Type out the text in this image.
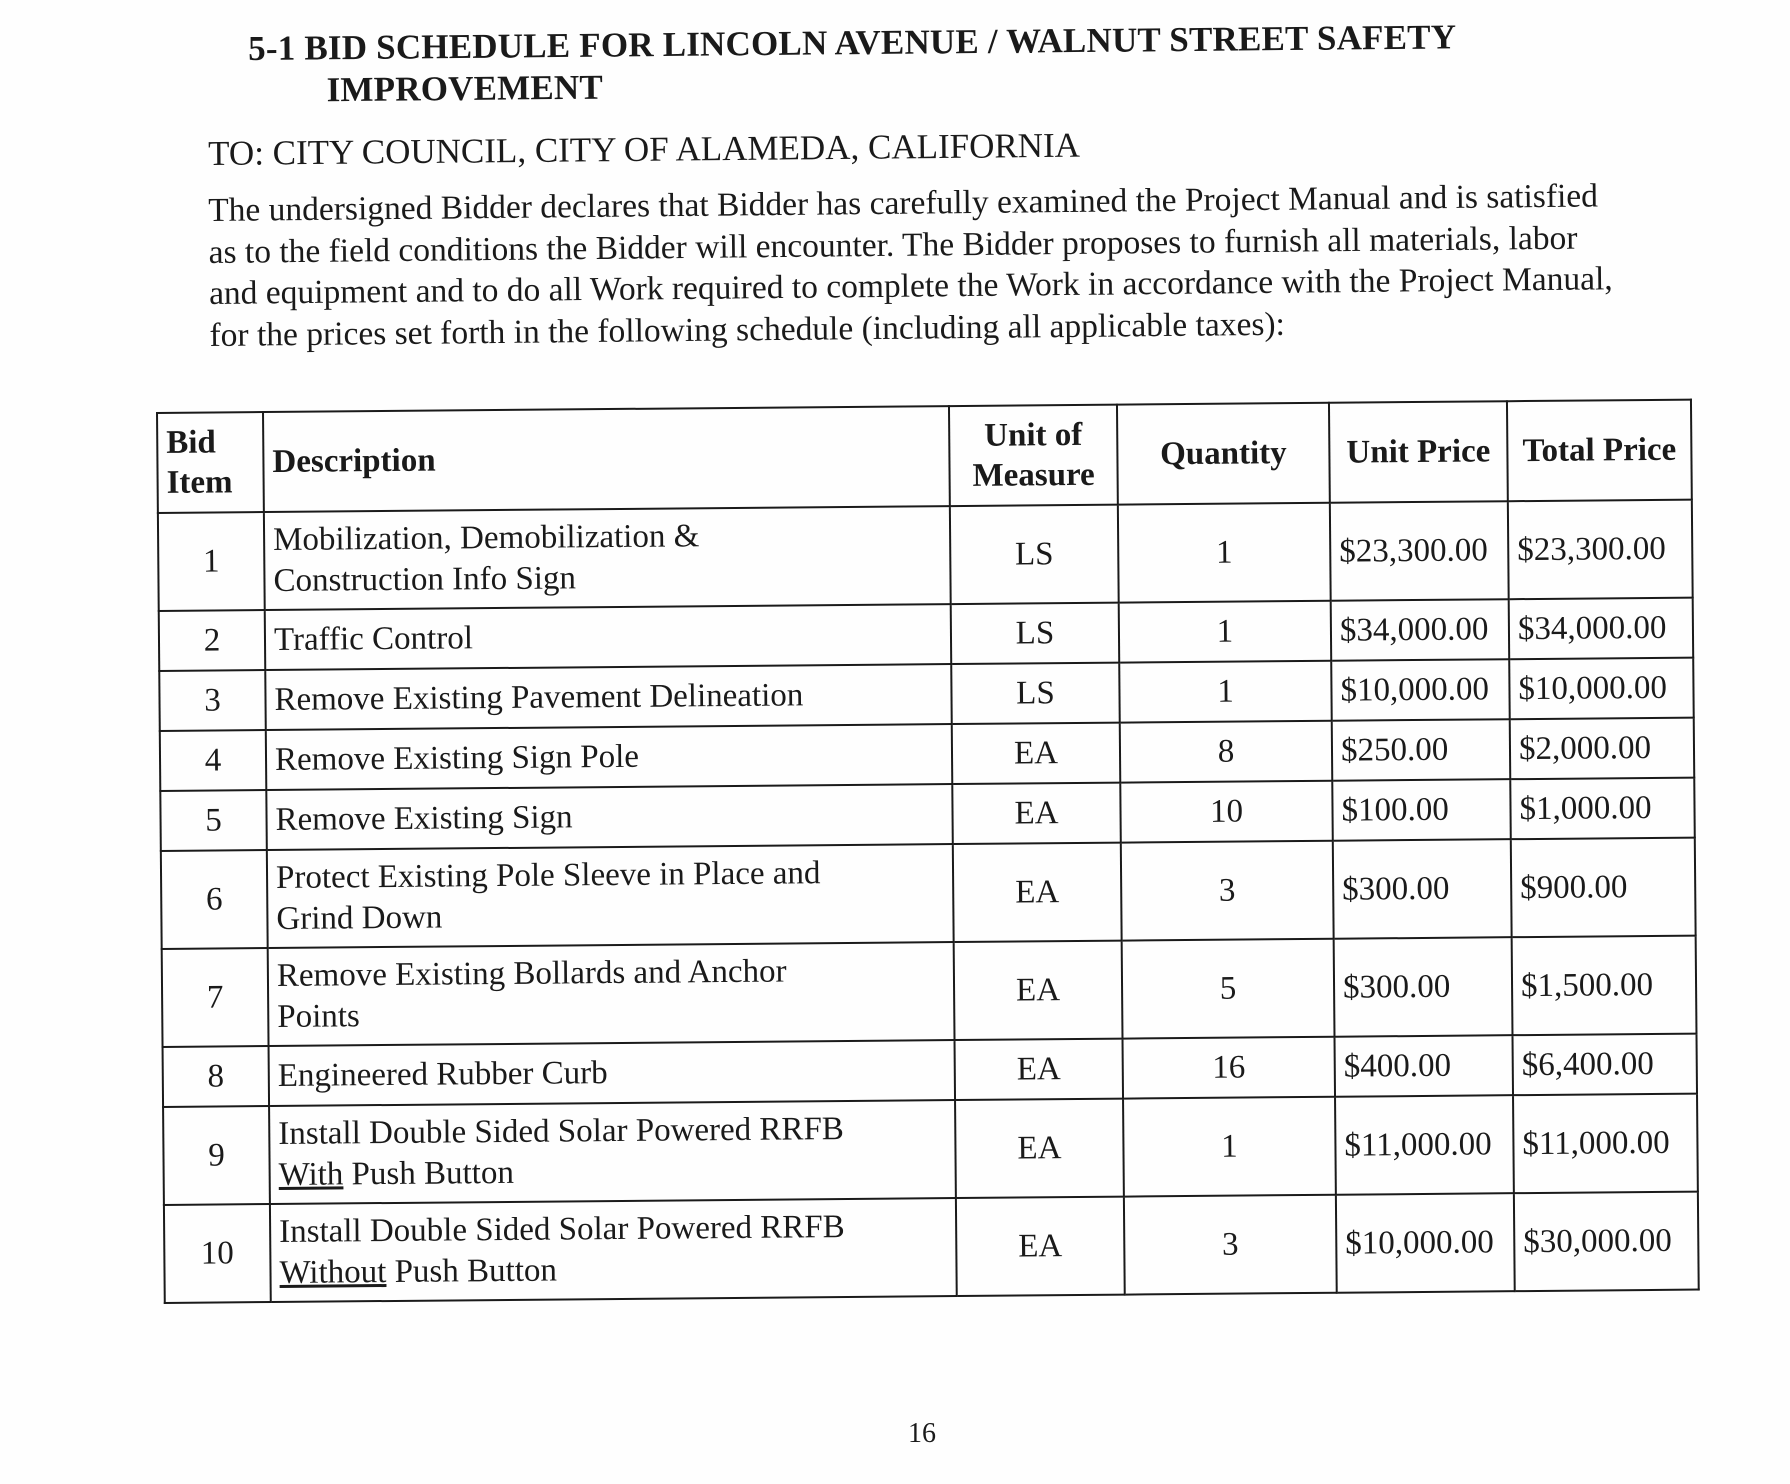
5-1 BID SCHEDULE FOR LINCOLN AVENUE / WALNUT STREET SAFETY
IMPROVEMENT
TO: CITY COUNCIL, CITY OF ALAMEDA, CALIFORNIA
The undersigned Bidder declares that Bidder has carefully examined the Project Manual and is satisfied as to the field conditions the Bidder will encounter. The Bidder proposes to furnish all materials, labor and equipment and to do all Work required to complete the Work in accordance with the Project Manual, for the prices set forth in the following schedule (including all applicable taxes):
Bid Item	Description	Unit of Measure	Quantity	Unit Price	Total Price
1	Mobilization, Demobilization &
Construction Info Sign	LS	1	$23,300.00	$23,300.00
2	Traffic Control	LS	1	$34,000.00	$34,000.00
3	Remove Existing Pavement Delineation	LS	1	$10,000.00	$10,000.00
4	Remove Existing Sign Pole	EA	8	$250.00	$2,000.00
5	Remove Existing Sign	EA	10	$100.00	$1,000.00
6	Protect Existing Pole Sleeve in Place and
Grind Down	EA	3	$300.00	$900.00
7	Remove Existing Bollards and Anchor
Points	EA	5	$300.00	$1,500.00
8	Engineered Rubber Curb	EA	16	$400.00	$6,400.00
9	Install Double Sided Solar Powered RRFB
With Push Button	EA	1	$11,000.00	$11,000.00
10	Install Double Sided Solar Powered RRFB
Without Push Button	EA	3	$10,000.00	$30,000.00
16
